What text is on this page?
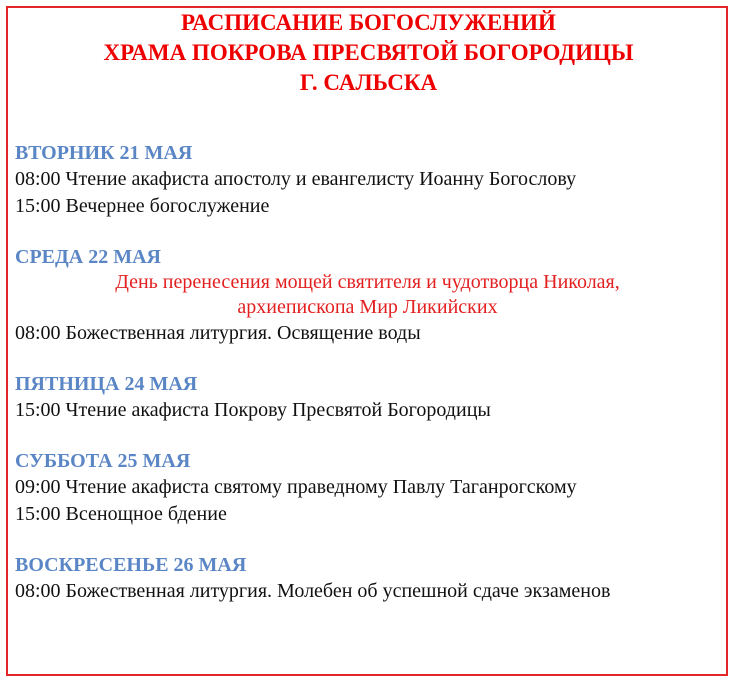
РАСПИСАНИЕ БОГОСЛУЖЕНИЙ
ХРАМА ПОКРОВА ПРЕСВЯТОЙ БОГОРОДИЦЫ
Г. САЛЬСКА
ВТОРНИК 21 МАЯ
08:00 Чтение акафиста апостолу и евангелисту Иоанну Богослову
15:00 Вечернее богослужение
СРЕДА 22 МАЯ
День перенесения мощей святителя и чудотворца Николая,
архиепископа Мир Ликийских
08:00 Божественная литургия. Освящение воды
ПЯТНИЦА 24 МАЯ
15:00 Чтение акафиста Покрову Пресвятой Богородицы
СУББОТА 25 МАЯ
09:00 Чтение акафиста святому праведному Павлу Таганрогскому
15:00 Всенощное бдение
ВОСКРЕСЕНЬЕ 26 МАЯ
08:00 Божественная литургия. Молебен об успешной сдаче экзаменов
